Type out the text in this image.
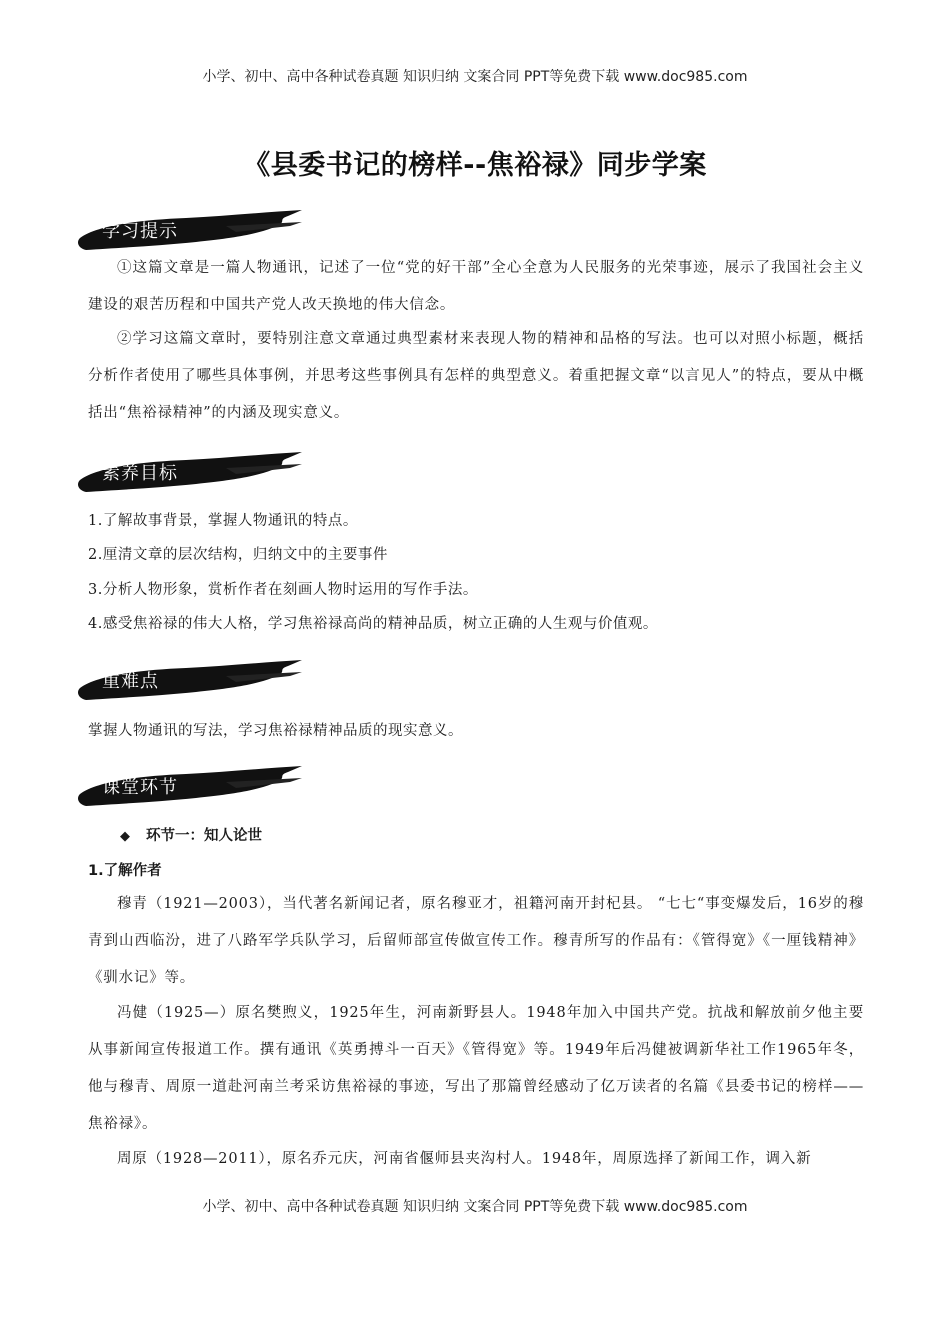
小学、初中、高中各种试卷真题 知识归纳 文案合同 PPT等免费下载 www.doc985.com
《县委书记的榜样--焦裕禄》同步学案
学习提示
①这篇文章是一篇人物通讯，记述了一位“党的好干部”全心全意为人民服务的光荣事迹，展示了我国社会主义建设的艰苦历程和中国共产党人改天换地的伟大信念。
②学习这篇文章时，要特别注意文章通过典型素材来表现人物的精神和品格的写法。也可以对照小标题，概括分析作者使用了哪些具体事例，并思考这些事例具有怎样的典型意义。着重把握文章“以言见人”的特点，要从中概括出“焦裕禄精神”的内涵及现实意义。
素养目标
1.了解故事背景，掌握人物通讯的特点。
2.厘清文章的层次结构，归纳文中的主要事件
3.分析人物形象，赏析作者在刻画人物时运用的写作手法。
4.感受焦裕禄的伟大人格，学习焦裕禄高尚的精神品质，树立正确的人生观与价值观。
重难点
掌握人物通讯的写法，学习焦裕禄精神品质的现实意义。
课堂环节
◆ 环节一：知人论世
1.了解作者
穆青（1921—2003），当代著名新闻记者，原名穆亚才，祖籍河南开封杞县。 “七七“事变爆发后，16岁的穆青到山西临汾，进了八路军学兵队学习，后留师部宣传做宣传工作。穆青所写的作品有：《管得宽》《一厘钱精神》《驯水记》等。
冯健（1925—）原名樊煦义，1925年生，河南新野县人。1948年加入中国共产党。抗战和解放前夕他主要从事新闻宣传报道工作。撰有通讯《英勇搏斗一百天》《管得宽》等。1949年后冯健被调新华社工作1965年冬，他与穆青、周原一道赴河南兰考采访焦裕禄的事迹，写出了那篇曾经感动了亿万读者的名篇《县委书记的榜样——焦裕禄》。
周原（1928—2011），原名乔元庆，河南省偃师县夹沟村人。1948年，周原选择了新闻工作，调入新
小学、初中、高中各种试卷真题 知识归纳 文案合同 PPT等免费下载 www.doc985.com
